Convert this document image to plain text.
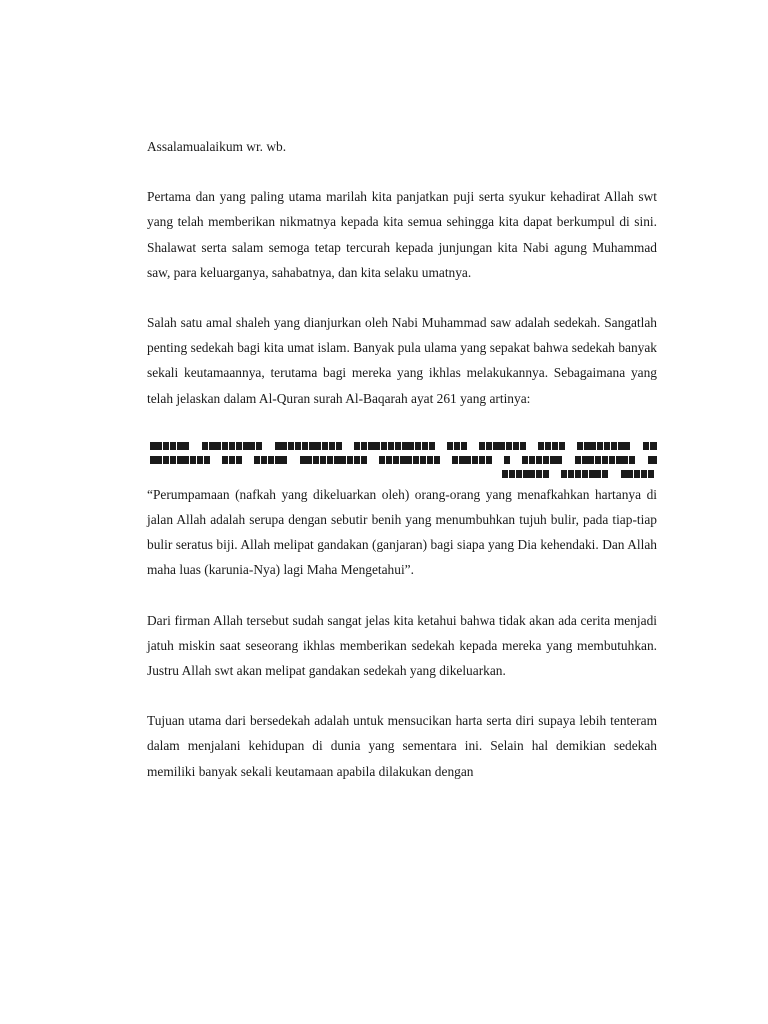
Assalamualaikum wr. wb.

Pertama dan yang paling utama marilah kita panjatkan puji serta syukur kehadirat Allah swt yang telah memberikan nikmatnya kepada kita semua sehingga kita dapat berkumpul di sini. Shalawat serta salam semoga tetap tercurah kepada junjungan kita Nabi agung Muhammad saw, para keluarganya, sahabatnya, dan kita selaku umatnya.

Salah satu amal shaleh yang dianjurkan oleh Nabi Muhammad saw adalah sedekah. Sangatlah penting sedekah bagi kita umat islam. Banyak pula ulama yang sepakat bahwa sedekah banyak sekali keutamaannya, terutama bagi mereka yang ikhlas melakukannya. Sebagaimana yang telah jelaskan dalam Al-Quran surah Al-Baqarah ayat 261 yang artinya:

“Perumpamaan (nafkah yang dikeluarkan oleh) orang-orang yang menafkahkan hartanya di jalan Allah adalah serupa dengan sebutir benih yang menumbuhkan tujuh bulir, pada tiap-tiap bulir seratus biji. Allah melipat gandakan (ganjaran) bagi siapa yang Dia kehendaki. Dan Allah maha luas (karunia-Nya) lagi Maha Mengetahui”.

Dari firman Allah tersebut sudah sangat jelas kita ketahui bahwa tidak akan ada cerita menjadi jatuh miskin saat seseorang ikhlas memberikan sedekah kepada mereka yang membutuhkan. Justru Allah swt akan melipat gandakan sedekah yang dikeluarkan.

Tujuan utama dari bersedekah adalah untuk mensucikan harta serta diri supaya lebih tenteram dalam menjalani kehidupan di dunia yang sementara ini. Selain hal demikian sedekah memiliki banyak sekali keutamaan apabila dilakukan dengan
